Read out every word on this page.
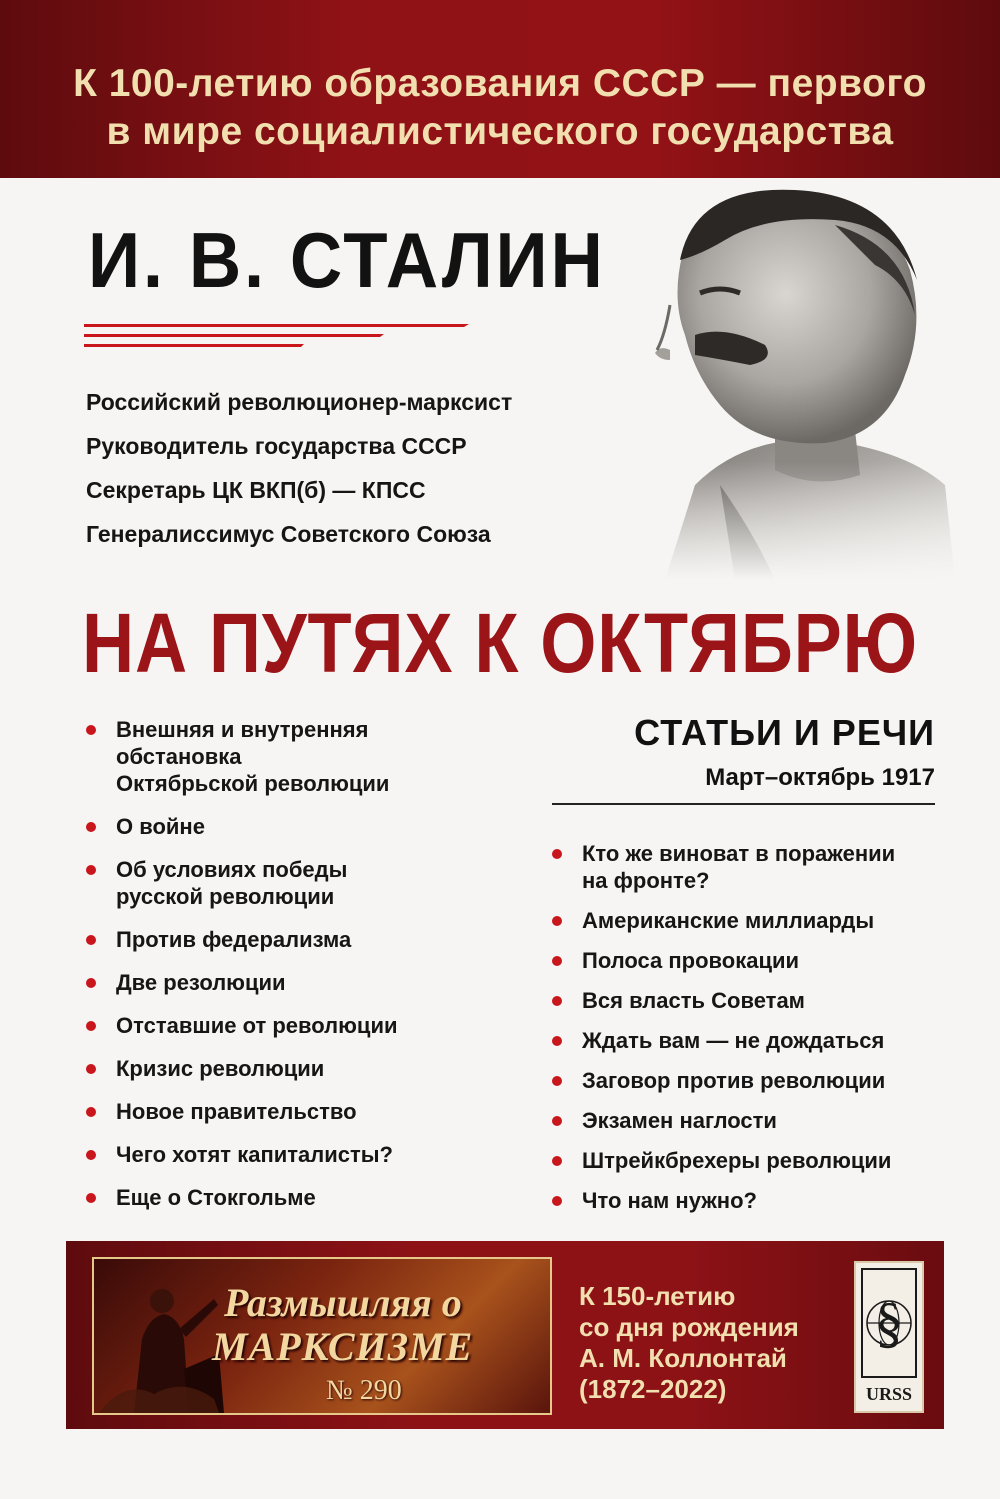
К 100-летию образования СССР — первого
в мире социалистического государства
И. В. СТАЛИН
Российский революционер-марксист
Руководитель государства СССР
Секретарь ЦК ВКП(б) — КПСС
Генералиссимус Советского Союза
НА ПУТЯХ К ОКТЯБРЮ
СТАТЬИ И РЕЧИ
Март–октябрь 1917
Внешняя и внутренняя
обстановка
Октябрьской революции
О войне
Об условиях победы
русской революции
Против федерализма
Две резолюции
Отставшие от революции
Кризис революции
Новое правительство
Чего хотят капиталисты?
Еще о Стокгольме
Кто же виноват в поражении
на фронте?
Американские миллиарды
Полоса провокации
Вся власть Советам
Ждать вам — не дождаться
Заговор против революции
Экзамен наглости
Штрейкбрехеры революции
Что нам нужно?
Размышляя о
МАРКСИЗМЕ
№ 290
К 150-летию
со дня рождения
А. М. Коллонтай
(1872–2022)
§
URSS
